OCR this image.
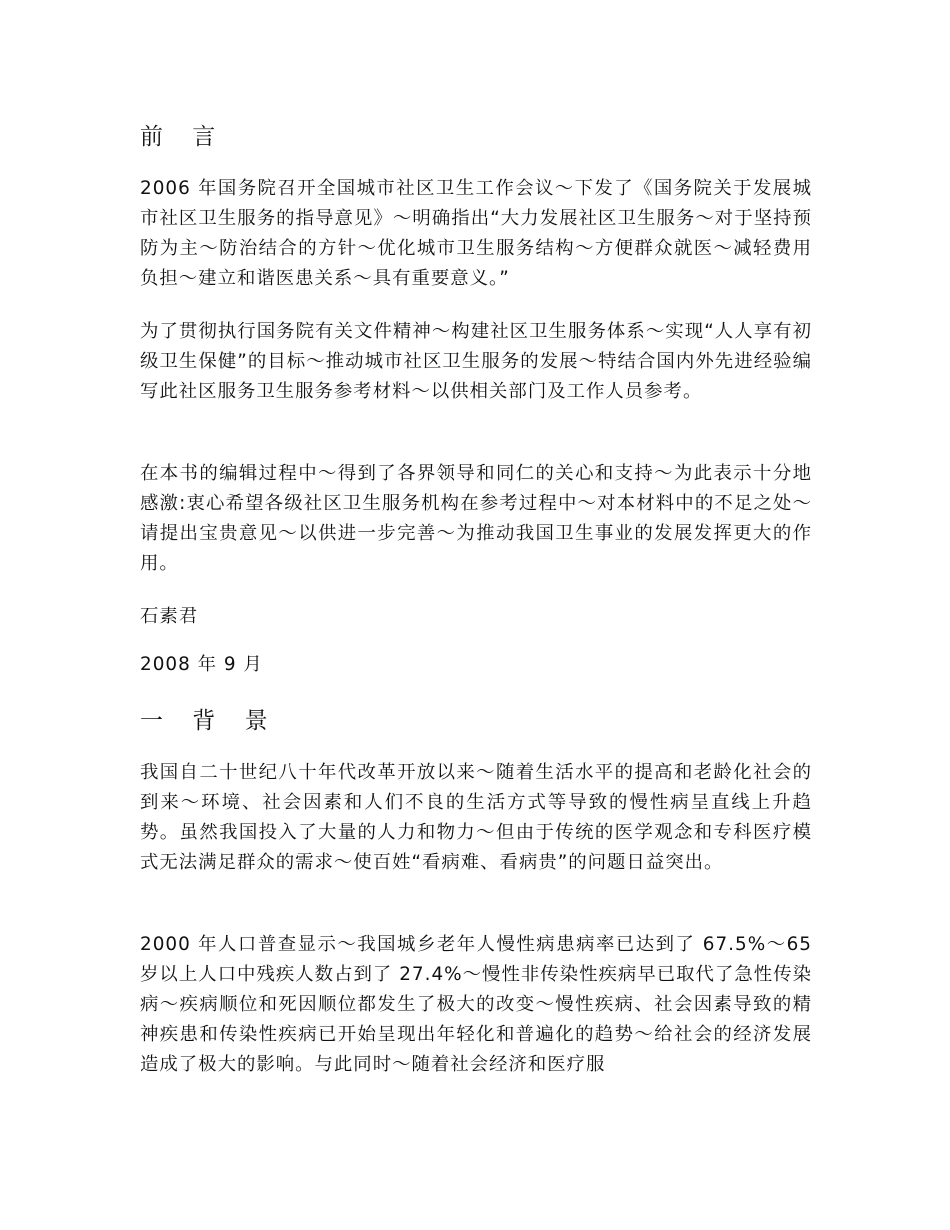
前 言

2006 年国务院召开全国城市社区卫生工作会议～下发了《国务院关于发展城市社区卫生服务的指导意见》～明确指出“大力发展社区卫生服务～对于坚持预防为主～防治结合的方针～优化城市卫生服务结构～方便群众就医～减轻费用负担～建立和谐医患关系～具有重要意义。”

为了贯彻执行国务院有关文件精神～构建社区卫生服务体系～实现“人人享有初级卫生保健”的目标～推动城市社区卫生服务的发展～特结合国内外先进经验编写此社区服务卫生服务参考材料～以供相关部门及工作人员参考。

在本书的编辑过程中～得到了各界领导和同仁的关心和支持～为此表示十分地感激:衷心希望各级社区卫生服务机构在参考过程中～对本材料中的不足之处～请提出宝贵意见～以供进一步完善～为推动我国卫生事业的发展发挥更大的作用。

石素君

2008 年 9 月

一 背 景

我国自二十世纪八十年代改革开放以来～随着生活水平的提高和老龄化社会的到来～环境、社会因素和人们不良的生活方式等导致的慢性病呈直线上升趋势。虽然我国投入了大量的人力和物力～但由于传统的医学观念和专科医疗模式无法满足群众的需求～使百姓“看病难、看病贵”的问题日益突出。

2000 年人口普查显示～我国城乡老年人慢性病患病率已达到了 67.5%～65 岁以上人口中残疾人数占到了 27.4%～慢性非传染性疾病早已取代了急性传染病～疾病顺位和死因顺位都发生了极大的改变～慢性疾病、社会因素导致的精神疾患和传染性疾病已开始呈现出年轻化和普遍化的趋势～给社会的经济发展造成了极大的影响。与此同时～随着社会经济和医疗服
